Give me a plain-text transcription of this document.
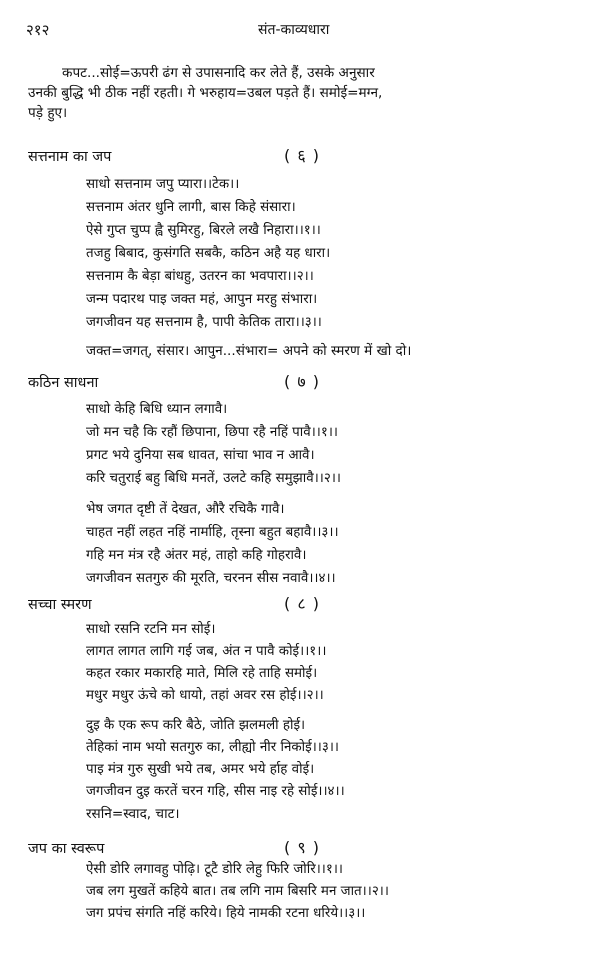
२१२	संत-काव्यधारा
कपट...सोई=ऊपरी ढंग से उपासनादि कर लेते हैं, उसके अनुसार
उनकी बुद्धि भी ठीक नहीं रहती। गे भरुहाय=उबल पड़ते हैं। समोई=मग्न,
पड़े हुए।
सत्तनाम का जप	( ६ )
साधो सत्तनाम जपु प्यारा।।टेक।।
सत्तनाम अंतर धुनि लागी, बास किहे संसारा।
ऐसे गुप्त चुप्प ह्वै सुमिरहु, बिरले लखै निहारा।।१।।
तजहु बिबाद, कुसंगति सबकै, कठिन अहै यह धारा।
सत्तनाम कै बेड़ा बांधहु, उतरन का भवपारा।।२।।
जन्म पदारथ पाइ जक्त महं, आपुन मरहु संभारा।
जगजीवन यह सत्तनाम है, पापी केतिक तारा।।३।।
जक्त=जगत्, संसार। आपुन...संभारा= अपने को स्मरण में खो दो।
कठिन साधना	( ७ )
साधो केहि बिधि ध्यान लगावै।
जो मन चहै कि रहौं छिपाना, छिपा रहै नहिं पावै।।१।।
प्रगट भये दुनिया सब धावत, सांचा भाव न आवै।
करि चतुराई बहु बिधि मनतें, उलटे कहि समुझावै।।२।।
भेष जगत दृष्टी तें देखत, औरै रचिकै गावै।
चाहत नहीं लहत नहिं नार्माहि, तृस्ना बहुत बहावै।।३।।
गहि मन मंत्र रहै अंतर महं, ताहो कहि गोहरावै।
जगजीवन सतगुरु की मूरति, चरनन सीस नवावै।।४।।
सच्चा स्मरण	( ८ )
साधो रसनि रटनि मन सोई।
लागत लागत लागि गई जब, अंत न पावै कोई।।१।।
कहत रकार मकारहि माते, मिलि रहे ताहि समोई।
मधुर मधुर ऊंचे को धायो, तहां अवर रस होई।।२।।
दुइ कै एक रूप करि बैठे, जोति झलमली होई।
तेहिकां नाम भयो सतगुरु का, लीह्यो नीर निकोई।।३।।
पाइ मंत्र गुरु सुखी भये तब, अमर भये र्हाह वोई।
जगजीवन दुइ करतें चरन गहि, सीस नाइ रहे सोई।।४।।
रसनि=स्वाद, चाट।
जप का स्वरूप	( ९ )
ऐसी डोरि लगावहु पोढ़ि। टूटै डोरि लेहु फिरि जोरि।।१।।
जब लग मुखतें कहिये बात। तब लगि नाम बिसरि मन जात।।२।।
जग प्रपंच संगति नहिं करिये। हिये नामकी रटना धरिये।।३।।
